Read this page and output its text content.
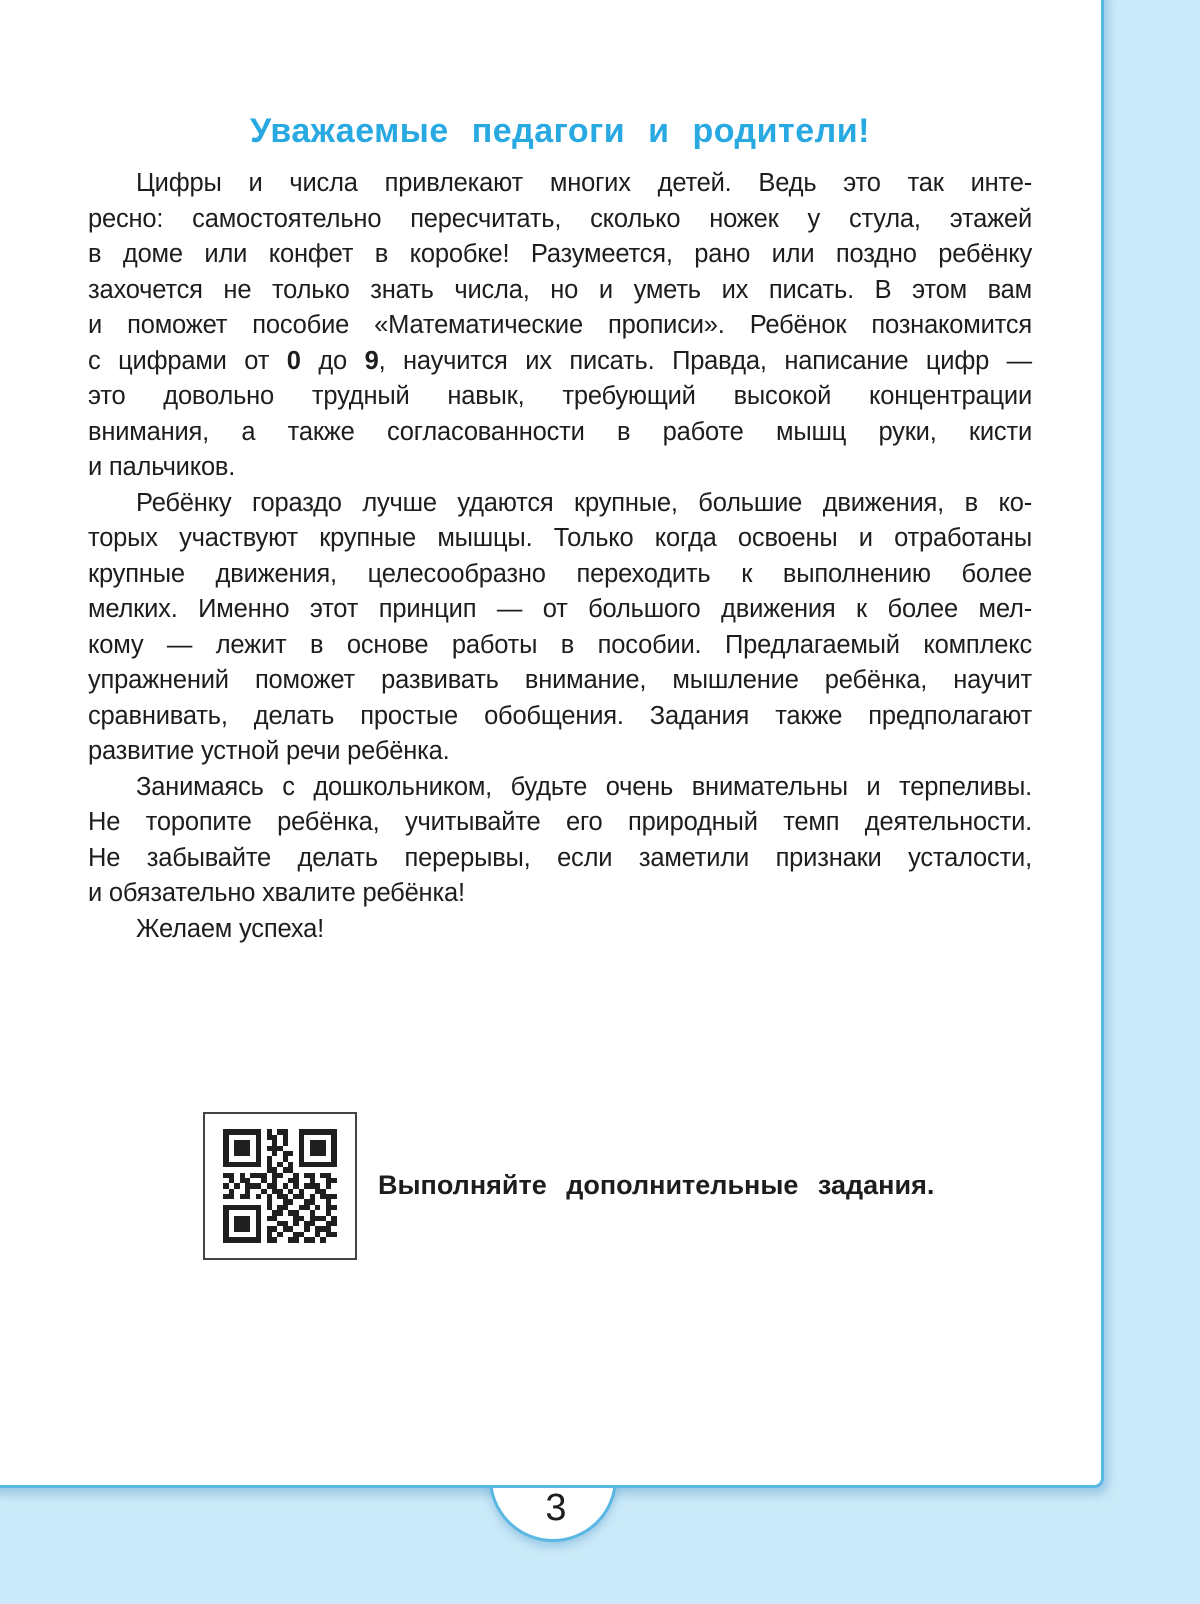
Уважаемые педагоги и родители!
Цифры и числа привлекают многих детей. Ведь это так инте-
ресно: самостоятельно пересчитать, сколько ножек у стула, этажей
в доме или конфет в коробке! Разумеется, рано или поздно ребёнку
захочется не только знать числа, но и уметь их писать. В этом вам
и поможет пособие «Математические прописи». Ребёнок познакомится
с цифрами от 0 до 9, научится их писать. Правда, написание цифр —
это довольно трудный навык, требующий высокой концентрации
внимания, а также согласованности в работе мышц руки, кисти
и пальчиков.
Ребёнку гораздо лучше удаются крупные, большие движения, в ко-
торых участвуют крупные мышцы. Только когда освоены и отработаны
крупные движения, целесообразно переходить к выполнению более
мелких. Именно этот принцип — от большого движения к более мел-
кому — лежит в основе работы в пособии. Предлагаемый комплекс
упражнений поможет развивать внимание, мышление ребёнка, научит
сравнивать, делать простые обобщения. Задания также предполагают
развитие устной речи ребёнка.
Занимаясь с дошкольником, будьте очень внимательны и терпеливы.
Не торопите ребёнка, учитывайте его природный темп деятельности.
Не забывайте делать перерывы, если заметили признаки усталости,
и обязательно хвалите ребёнка!
Желаем успеха!
Выполняйте дополнительные задания.
3
